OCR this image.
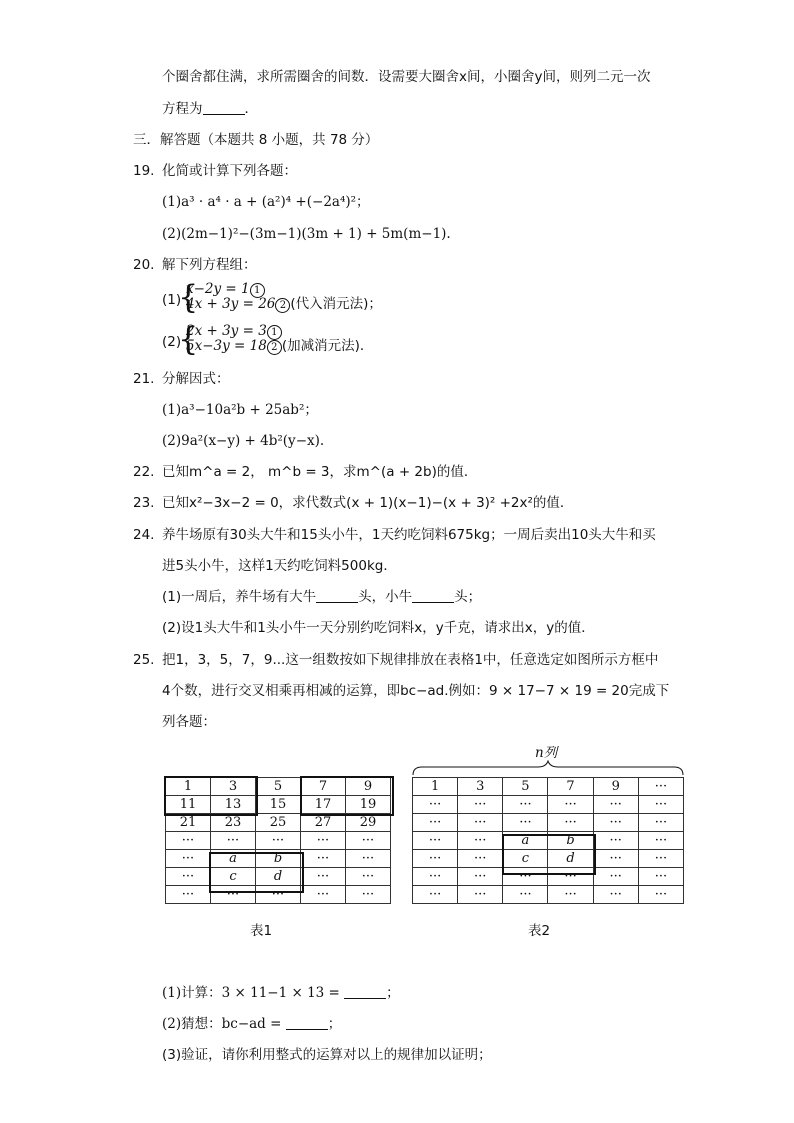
个圈舍都住满，求所需圈舍的间数．设需要大圈舍x间，小圈舍y间，则列二元一次
方程为	．
三．解答题（本题共 8 小题，共 78 分）
19. 化简或计算下列各题：
(1)a³ · a⁴ · a + (a²)⁴ +(−2a⁴)²；
(2)(2m−1)²−(3m−1)(3m + 1) + 5m(m−1).
20. 解下列方程组：
(1)
{
x−2y = 1 1
4x + 3y = 26 2 (代入消元法)；
(2)
{
2x + 3y = 3 1
5x−3y = 18 2 (加减消元法)．
21. 分解因式：
(1)a³−10a²b + 25ab²；
(2)9a²(x−y) + 4b²(y−x).
22. 已知m^a = 2， m^b = 3，求m^(a + 2b)的值．
23. 已知x²−3x−2 = 0，求代数式(x + 1)(x−1)−(x + 3)² +2x²的值．
24. 养牛场原有30头大牛和15头小牛，1天约吃饲料675kg；一周后卖出10头大牛和买
进5头小牛，这样1天约吃饲料500kg．
(1)一周后，养牛场有大牛	头，小牛	头；
(2)设1头大牛和1头小牛一天分别约吃饲料x，y千克，请求出x，y的值．
25. 把1，3，5，7，9...这一组数按如下规律排放在表格1中，任意选定如图所示方框中
4个数，进行交叉相乘再相减的运算，即bc−ad.例如：9 × 17−7 × 19 = 20完成下
列各题：
1	3	5	7	9
11	13	15	17	19
21	23	25	27	29
···	···	···	···	···
···	a	b	···	···
···	c	d	···	···
···	···	···	···	···
表1
n列
1	3	5	7	9	···
···	···	···	···	···	···
···	···	···	···	···	···
···	···	a	b	···	···
···	···	c	d	···	···
···	···	···	···	···	···
···	···	···	···	···	···
表2
(1)计算：3 × 11−1 × 13 =	；
(2)猜想：bc−ad =	；
(3)验证，请你利用整式的运算对以上的规律加以证明；
